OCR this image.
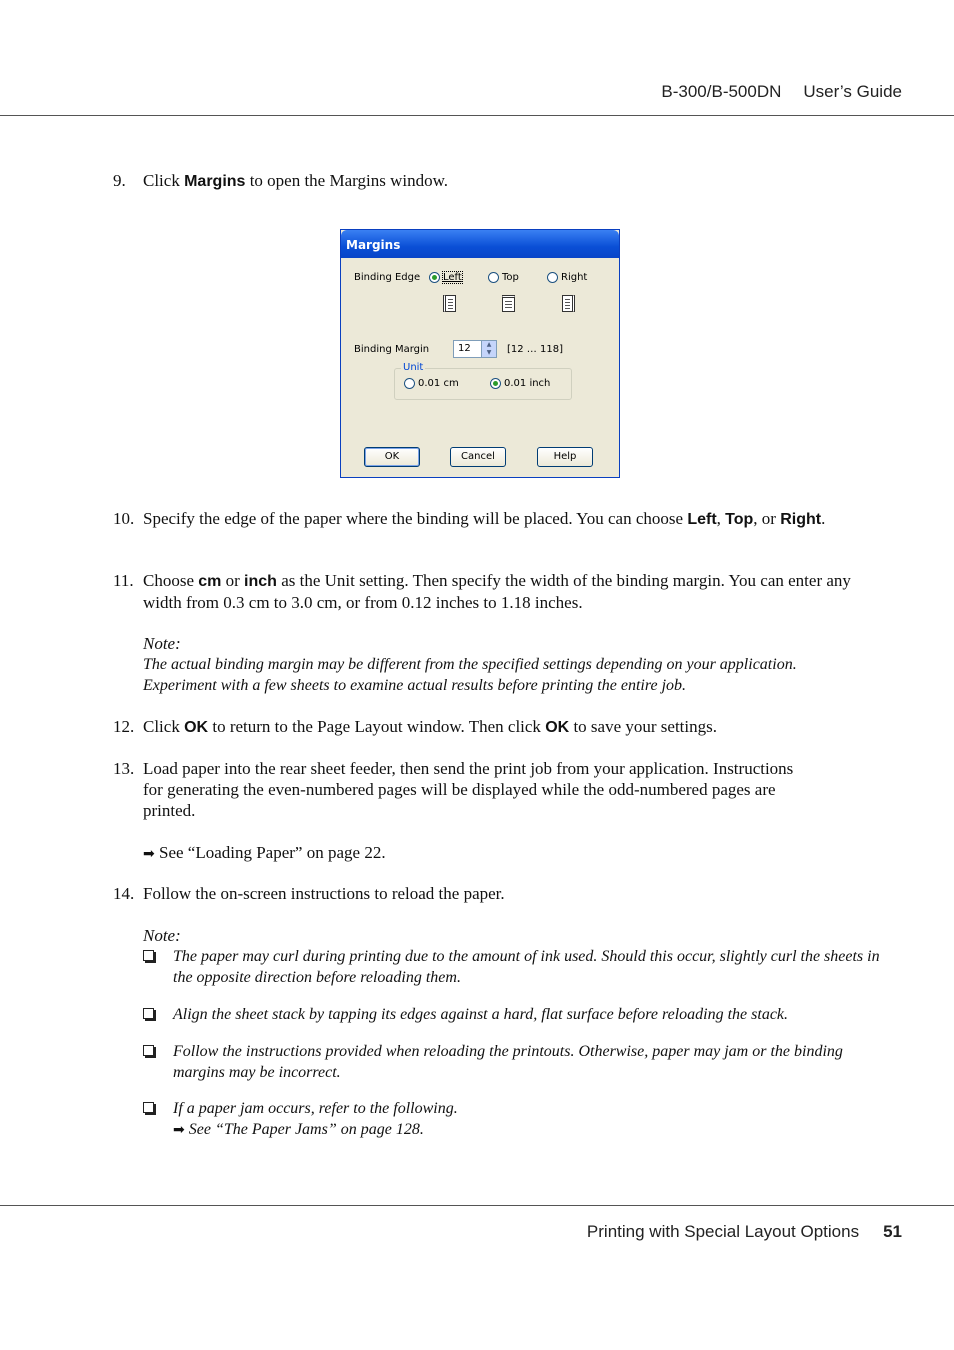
B-300/B-500DN User’s Guide
9.	Click Margins to open the Margins window.
Margins
Binding Edge Left	Top	Right
Binding Margin	12	▲
▼	[12 … 118]
Unit
0.01 cm	0.01 inch
OK	Cancel	Help
10. Specify the edge of the paper where the binding will be placed. You can choose Left, Top, or Right.
11. Choose cm or inch as the Unit setting. Then specify the width of the binding margin. You can enter any width from 0.3 cm to 3.0 cm, or from 0.12 inches to 1.18 inches.
Note:
The actual binding margin may be different from the specified settings depending on your application. Experiment with a few sheets to examine actual results before printing the entire job.
12. Click OK to return to the Page Layout window. Then click OK to save your settings.
13. Load paper into the rear sheet feeder, then send the print job from your application. Instructions for generating the even-numbered pages will be displayed while the odd-numbered pages are printed.
➡ See “Loading Paper” on page 22.
14. Follow the on-screen instructions to reload the paper.
Note:
The paper may curl during printing due to the amount of ink used. Should this occur, slightly curl the sheets in the opposite direction before reloading them.
Align the sheet stack by tapping its edges against a hard, flat surface before reloading the stack.
Follow the instructions provided when reloading the printouts. Otherwise, paper may jam or the binding margins may be incorrect.
If a paper jam occurs, refer to the following.
➡ See “The Paper Jams” on page 128.
Printing with Special Layout Options 51
